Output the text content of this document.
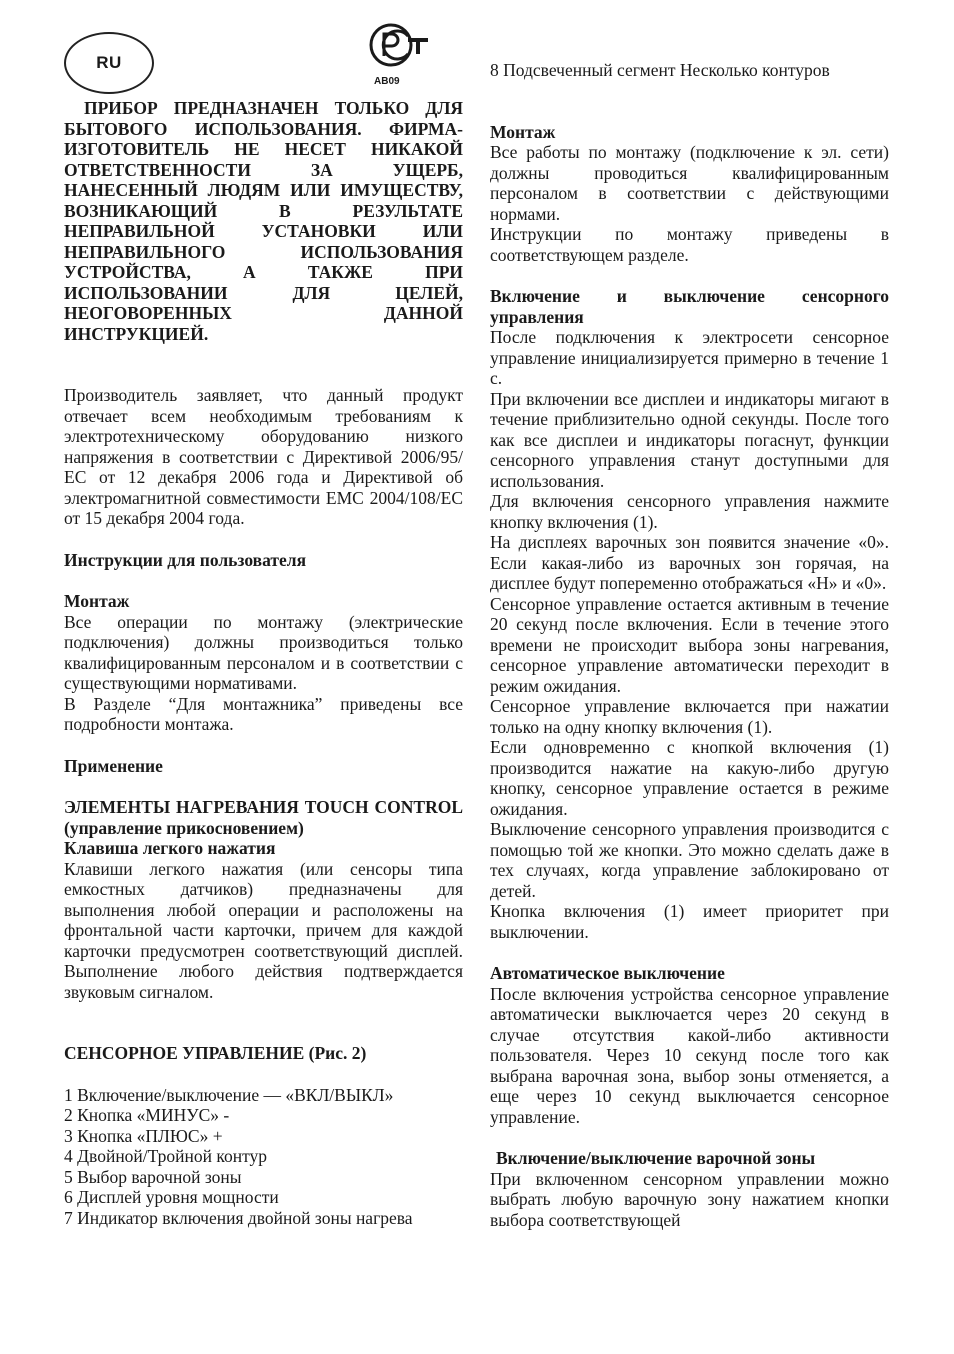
RU
AB09

ПРИБОР ПРЕДНАЗНАЧЕН ТОЛЬКО ДЛЯ БЫТОВОГО ИСПОЛЬЗОВАНИЯ. ФИРМА-ИЗГОТОВИТЕЛЬ НЕ НЕСЕТ НИКАКОЙ ОТВЕТСТВЕННОСТИ ЗА УЩЕРБ, НАНЕСЕННЫЙ ЛЮДЯМ ИЛИ ИМУЩЕСТВУ, ВОЗНИКАЮЩИЙ В РЕЗУЛЬТАТЕ НЕПРАВИЛЬНОЙ УСТАНОВКИ ИЛИ НЕПРАВИЛЬНОГО ИСПОЛЬЗОВАНИЯ УСТРОЙСТВА, А ТАКЖЕ ПРИ ИСПОЛЬЗОВАНИИ ДЛЯ ЦЕЛЕЙ, НЕОГОВОРЕННЫХ ДАННОЙ ИНСТРУКЦИЕЙ.

Производитель заявляет, что данный продукт отвечает всем необходимым требованиям к электротехническому оборудованию низкого напряжения в соответствии с Директивой 2006/95/ЕС от 12 декабря 2006 года и Директивой об электромагнитной совместимости ЕМС 2004/108/ЕС от 15 декабря 2004 года.

Инструкции для пользователя

Монтаж

Все операции по монтажу (электрические подключения) должны производиться только квалифицированным персоналом и в соответствии с существующими нормативами.

В Разделе “Для монтажника” приведены все подробности монтажа.

Применение

ЭЛЕМЕНТЫ НАГРЕВАНИЯ TOUCH CONTROL (управление прикосновением)

Клавиша легкого нажатия

Клавиши легкого нажатия (или сенсоры типа емкостных датчиков) предназначены для выполнения любой операции и расположены на фронтальной части карточки, причем для каждой карточки предусмотрен соответствующий дисплей. Выполнение любого действия подтверждается звуковым сигналом.

СЕНСОРНОЕ УПРАВЛЕНИЕ (Рис. 2)

1 Включение/выключение — «ВКЛ/ВЫКЛ»

2 Кнопка «МИНУС» -

3 Кнопка «ПЛЮС» +

4 Двойной/Тройной контур

5 Выбор варочной зоны

6 Дисплей уровня мощности

7 Индикатор включения двойной зоны нагрева

8 Подсвеченный сегмент Несколько контуров

Монтаж

Все работы по монтажу (подключение к эл. сети) должны проводиться квалифицированным персоналом в соответствии с действующими нормами.

Инструкции по монтажу приведены в соответствующем разделе.

Включение и выключение сенсорного управления

После подключения к электросети сенсорное управление инициализируется примерно в течение 1 с.

При включении все дисплеи и индикаторы мигают в течение приблизительно одной секунды. После того как все дисплеи и индикаторы погаснут, функции сенсорного управления станут доступными для использования.

Для включения сенсорного управления нажмите кнопку включения (1).

На дисплеях варочных зон появится значение «0». Если какая-либо из варочных зон горячая, на дисплее будут попеременно отображаться «Н» и «0».

Сенсорное управление остается активным в течение 20 секунд после включения. Если в течение этого времени не происходит выбора зоны нагревания, сенсорное управление автоматически переходит в режим ожидания.

Сенсорное управление включается при нажатии только на одну кнопку включения (1).

Если одновременно с кнопкой включения (1) производится нажатие на какую-либо другую кнопку, сенсорное управление остается в режиме ожидания.

Выключение сенсорного управления производится с помощью той же кнопки. Это можно сделать даже в тех случаях, когда управление заблокировано от детей.

Кнопка включения (1) имеет приоритет при выключении.

Автоматическое выключение

После включения устройства сенсорное управление автоматически выключается через 20 секунд в случае отсутствия какой-либо активности пользователя. Через 10 секунд после того как выбрана варочная зона, выбор зоны отменяется, а еще через 10 секунд выключается сенсорное управление.

Включение/выключение варочной зоны

При включенном сенсорном управлении можно выбрать любую варочную зону нажатием кнопки выбора соответствующей
